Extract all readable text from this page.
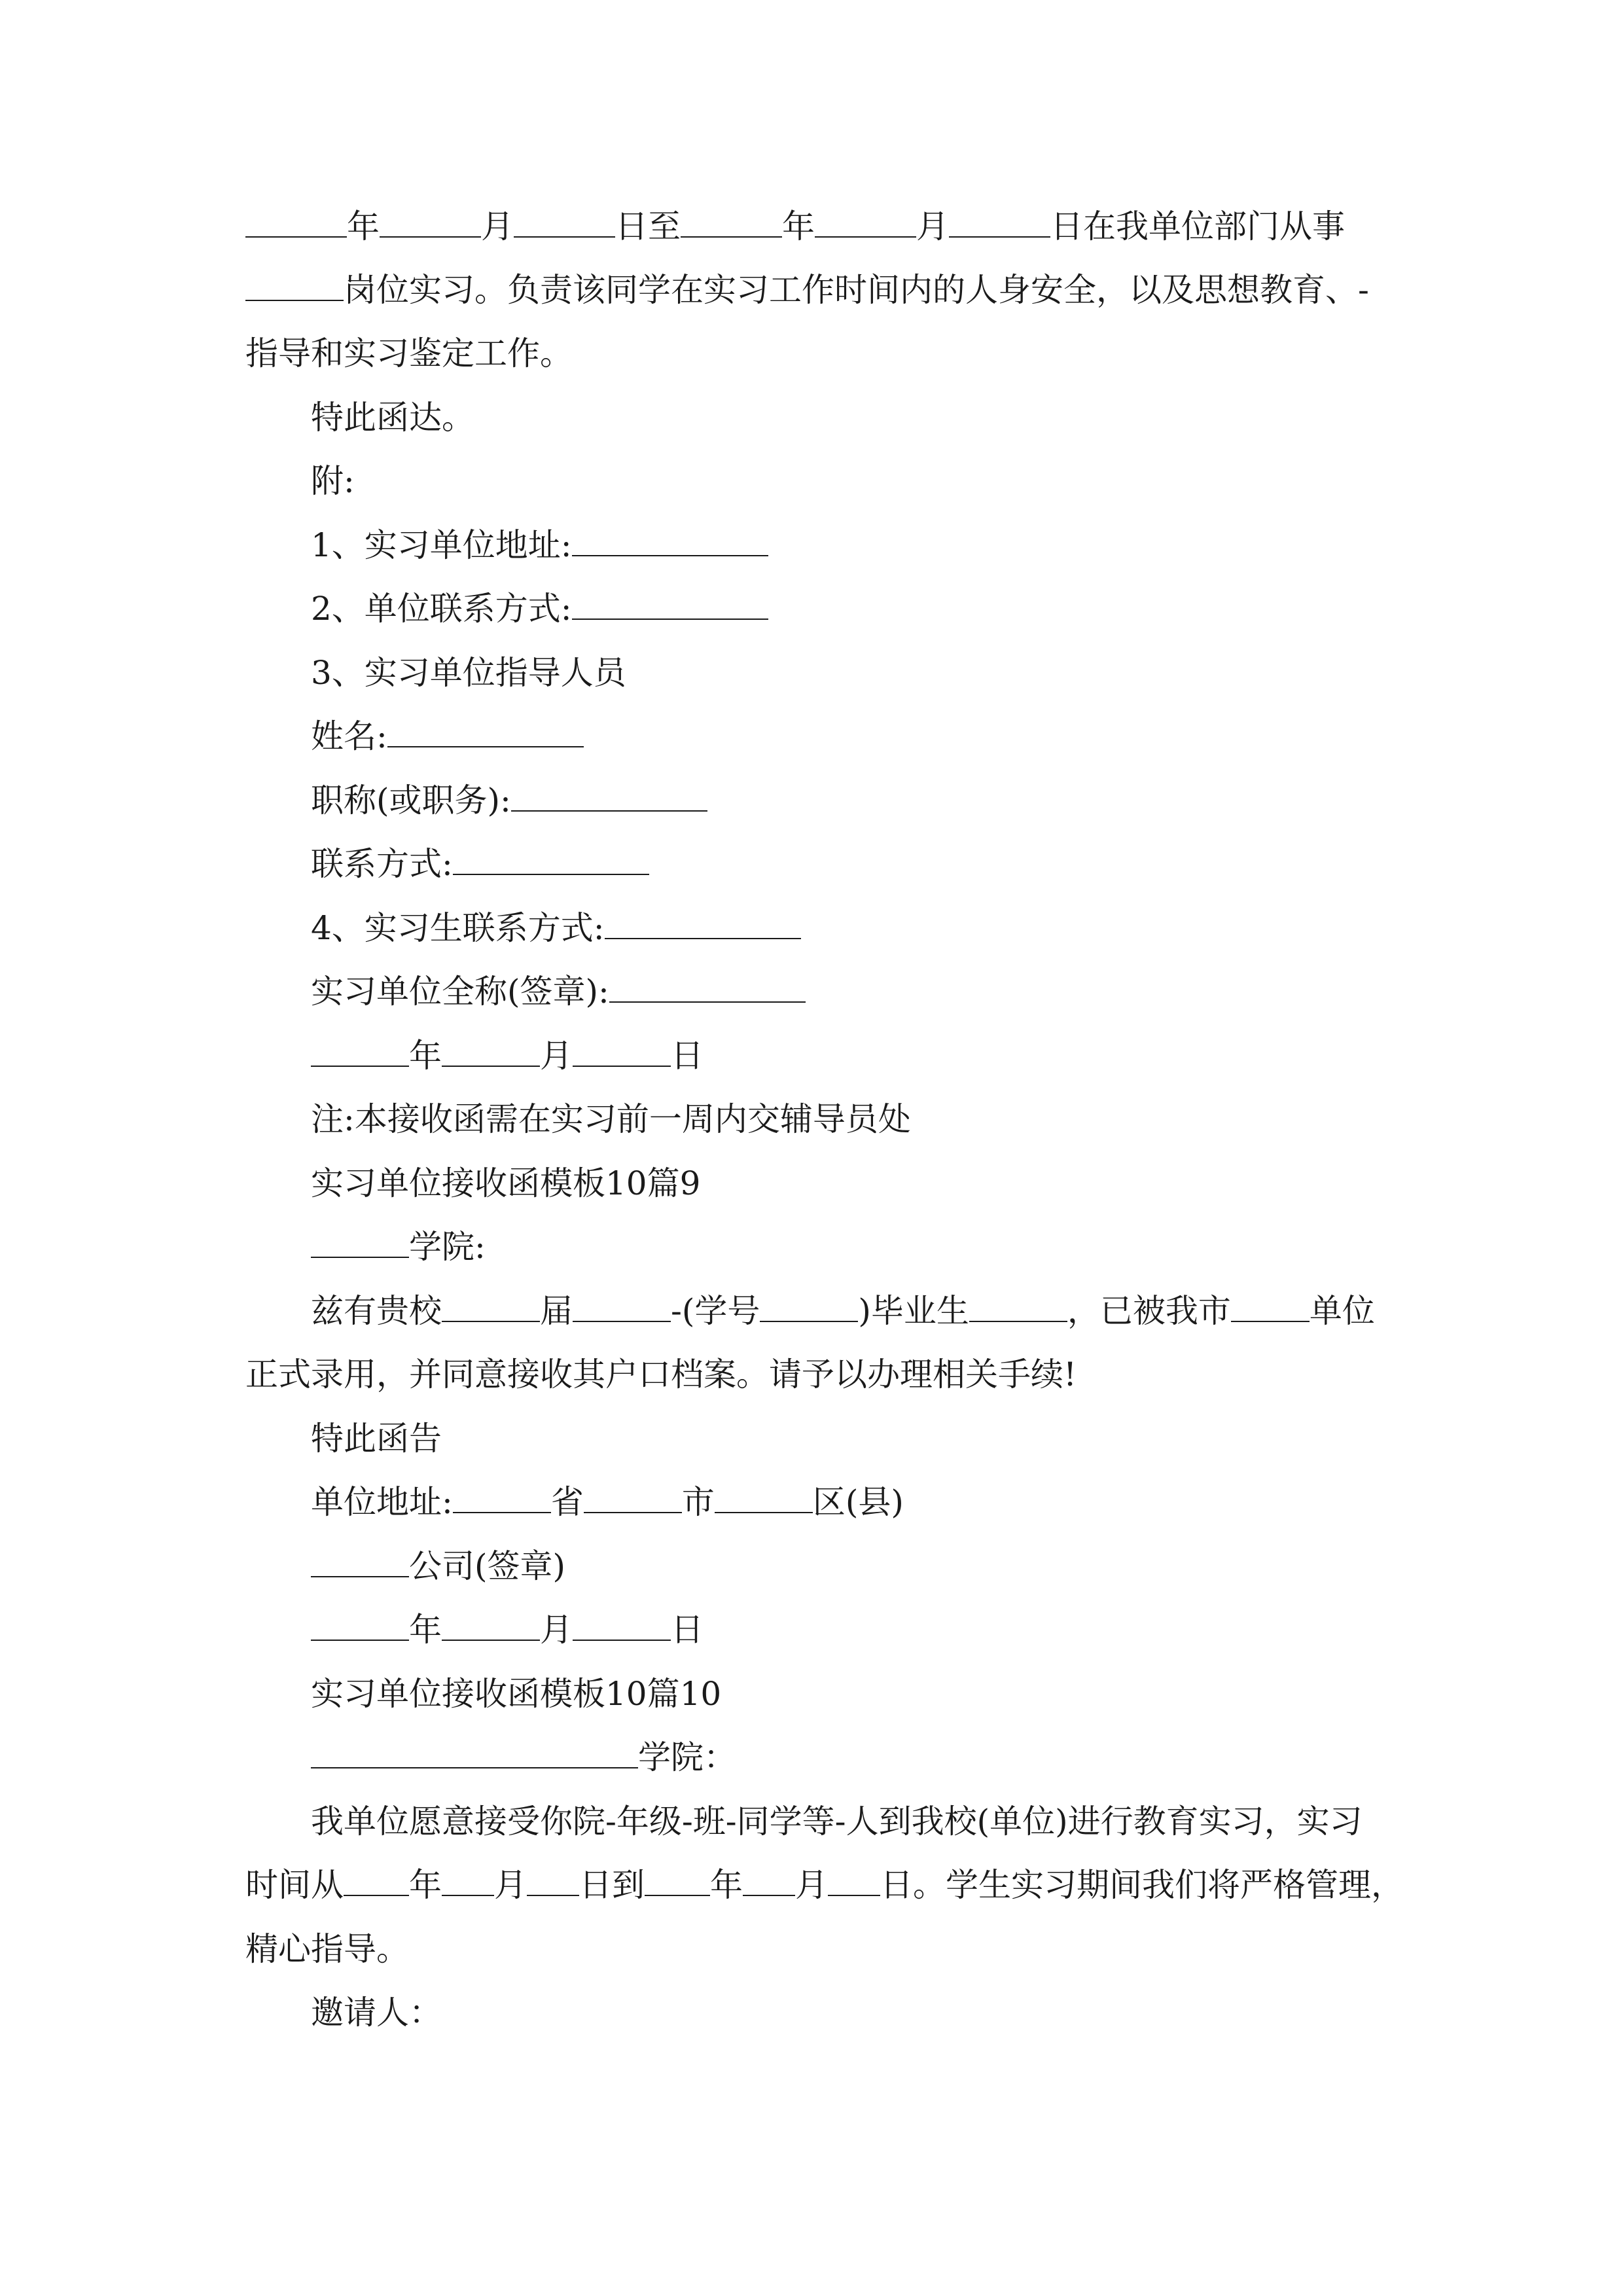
年	月	日至	年	月	日在我单位部门从事
岗位实习。负责该同学在实习工作时间内的人身安全，以及思想教育、-
指导和实习鉴定工作。
特此函达。
附:
1、实习单位地址:
2、单位联系方式:
3、实习单位指导人员
姓名:
职称(或职务):
联系方式:
4、实习生联系方式:
实习单位全称(签章):
年	月	日
注:本接收函需在实习前一周内交辅导员处
实习单位接收函模板10篇9
学院:
兹有贵校	届	-(学号	)毕业生	，已被我市 单位
正式录用，并同意接收其户口档案。请予以办理相关手续!
特此函告
单位地址:	省	市	区(县)
公司(签章)
年	月	日
实习单位接收函模板10篇10
学院：
我单位愿意接受你院-年级-班-同学等-人到我校(单位)进行教育实习，实习
时间从 年 月 日到 年 月 日。学生实习期间我们将严格管理，
精心指导。
邀请人：
